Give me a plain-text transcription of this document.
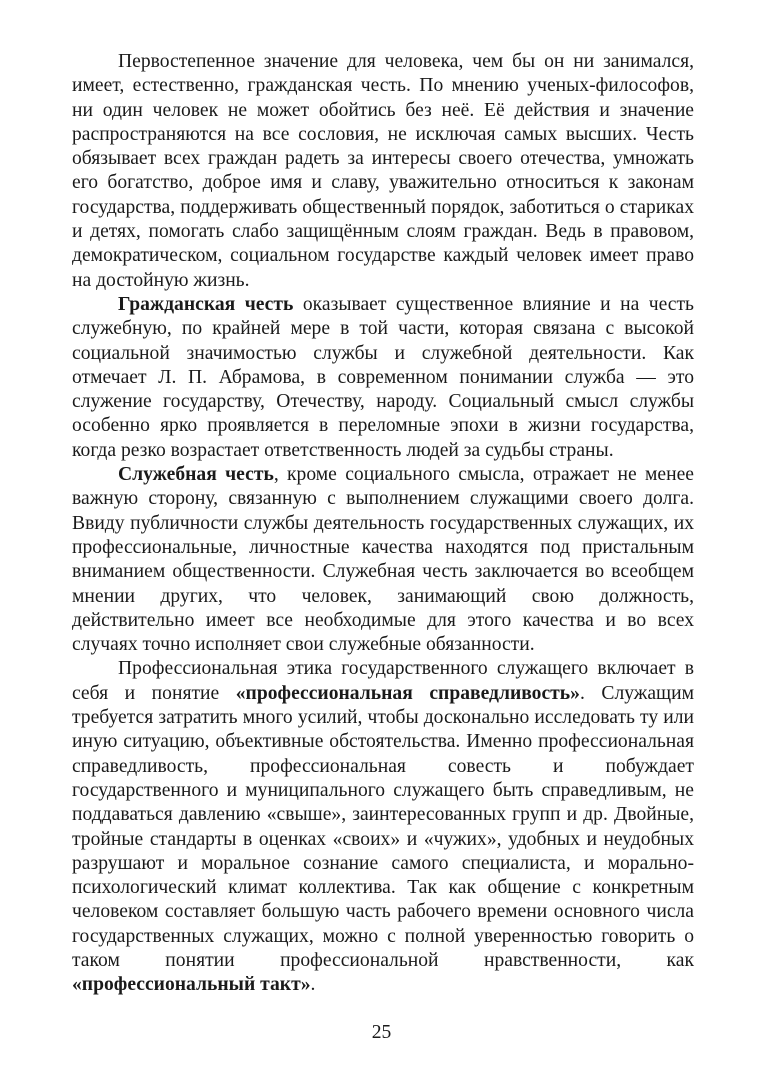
Первостепенное значение для человека, чем бы он ни занимался, имеет, естественно, гражданская честь. По мнению ученых-философов, ни один человек не может обойтись без неё. Её действия и значение распространяются на все сословия, не исключая самых высших. Честь обязывает всех граждан радеть за интересы своего отечества, умножать его богатство, доброе имя и славу, уважительно относиться к законам государства, поддерживать общественный порядок, заботиться о стариках и детях, помогать слабо защищённым слоям граждан. Ведь в правовом, демократическом, социальном государстве каждый человек имеет право на достойную жизнь.

Гражданская честь оказывает существенное влияние и на честь служебную, по крайней мере в той части, которая связана с высокой социальной значимостью службы и служебной деятельности. Как отмечает Л. П. Абрамова, в современном понимании служба — это служение государству, Отечеству, народу. Социальный смысл службы особенно ярко проявляется в переломные эпохи в жизни государства, когда резко возрастает ответственность людей за судьбы страны.

Служебная честь, кроме социального смысла, отражает не менее важную сторону, связанную с выполнением служащими своего долга. Ввиду публичности службы деятельность государственных служащих, их профессиональные, личностные качества находятся под пристальным вниманием общественности. Служебная честь заключается во всеобщем мнении других, что человек, занимающий свою должность, действительно имеет все необходимые для этого качества и во всех случаях точно исполняет свои служебные обязанности.

Профессиональная этика государственного служащего включает в себя и понятие «профессиональная справедливость». Служащим требуется затратить много усилий, чтобы досконально исследовать ту или иную ситуацию, объективные обстоятельства. Именно профессиональная справедливость, профессиональная совесть и побуждает государственного и муниципального служащего быть справедливым, не поддаваться давлению «свыше», заинтересованных групп и др. Двойные, тройные стандарты в оценках «своих» и «чужих», удобных и неудобных разрушают и моральное сознание самого специалиста, и морально-психологический климат коллектива. Так как общение с конкретным человеком составляет большую часть рабочего времени основного числа государственных служащих, можно с полной уверенностью говорить о таком понятии профессиональной нравственности, как «профессиональный такт».

25
